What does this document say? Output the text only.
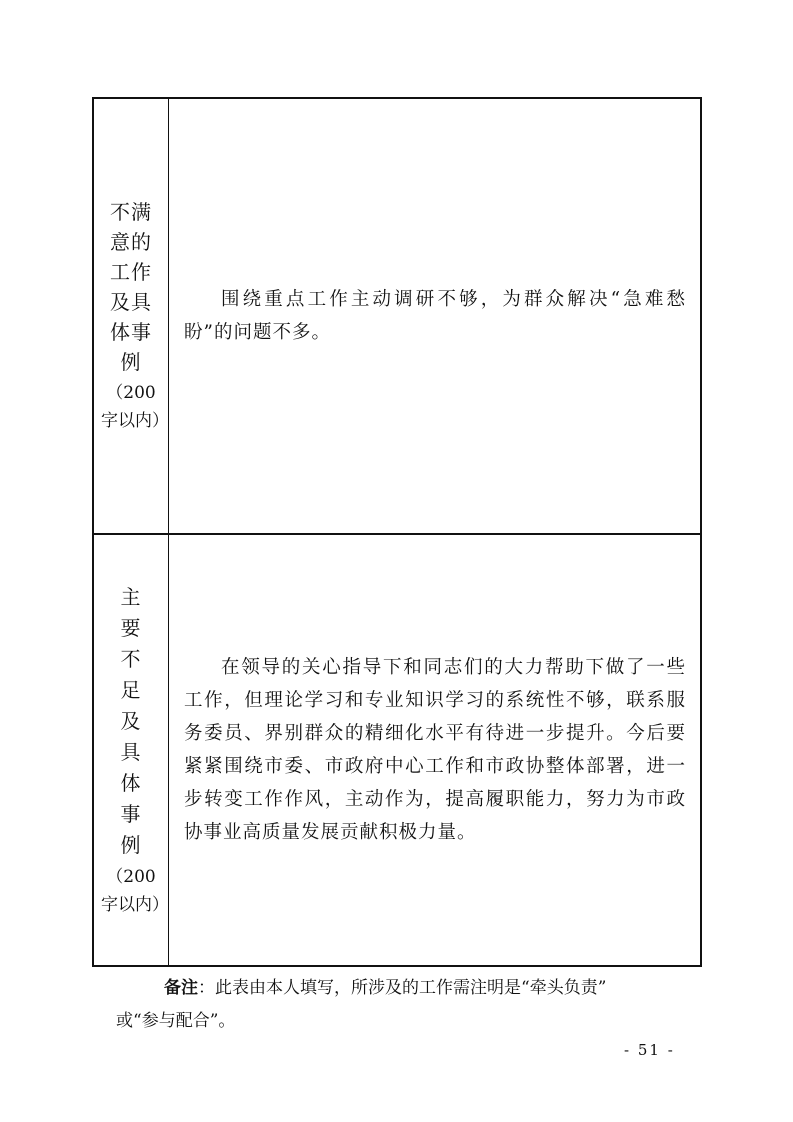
不满意的工作及具体事例
（200字以内）
围绕重点工作主动调研不够，为群众解决“急难愁盼”的问题不多。
主要不足及具体事例
（200字以内）
在领导的关心指导下和同志们的大力帮助下做了一些工作，但理论学习和专业知识学习的系统性不够，联系服务委员、界别群众的精细化水平有待进一步提升。今后要紧紧围绕市委、市政府中心工作和市政协整体部署，进一步转变工作作风，主动作为，提高履职能力，努力为市政协事业高质量发展贡献积极力量。
备注：此表由本人填写，所涉及的工作需注明是“牵头负责”
或“参与配合”。
- 51 -
